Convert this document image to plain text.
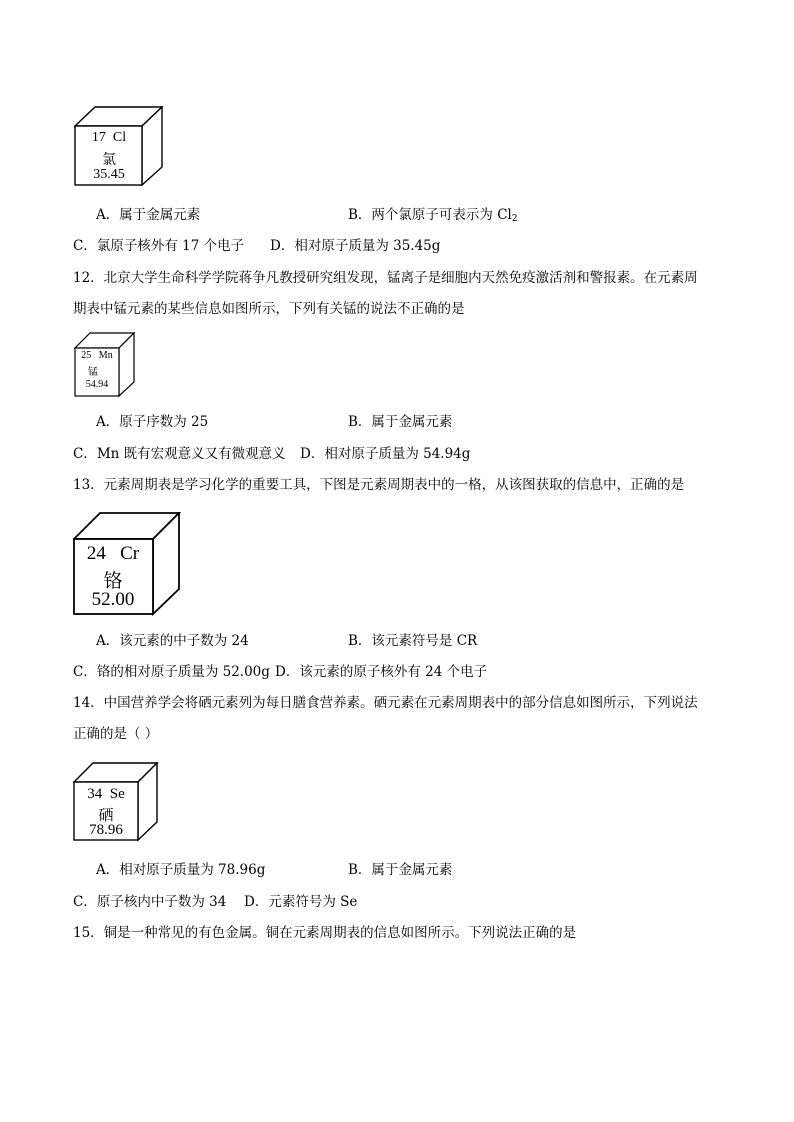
17 Cl
氯
35.45
A．属于金属元素	B．两个氯原子可表示为 $Cl_2$
C．氯原子核外有 17 个电子 D．相对原子质量为 35.45g
12．北京大学生命科学学院蒋争凡教授研究组发现，锰离子是细胞内天然免疫激活剂和警报素。在元素周
期表中锰元素的某些信息如图所示，下列有关锰的说法不正确的是
25 Mn
锰
54.94
A．原子序数为 25	B．属于金属元素
C．Mn 既有宏观意义又有微观意义 D．相对原子质量为 54.94g
13．元素周期表是学习化学的重要工具，下图是元素周期表中的一格，从该图获取的信息中，正确的是
24 Cr
铬
52.00
A．该元素的中子数为 24	B．该元素符号是 CR
C．铬的相对原子质量为 52.00g D．该元素的原子核外有 24 个电子
14．中国营养学会将硒元素列为每日膳食营养素。硒元素在元素周期表中的部分信息如图所示，下列说法
正确的是（ ）
34 Se
硒
78.96
A．相对原子质量为 78.96g	B．属于金属元素
C．原子核内中子数为 34 D．元素符号为 Se
15．铜是一种常见的有色金属。铜在元素周期表的信息如图所示。下列说法正确的是
